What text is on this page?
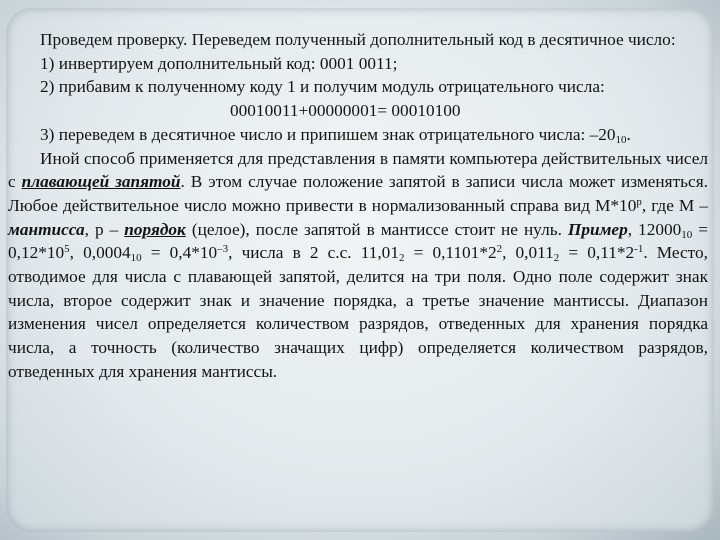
Проведем проверку. Переведем полученный дополнительный код в десятичное число:
1) инвертируем дополнительный код: 0001 0011;
2) прибавим к полученному коду 1 и получим модуль отрицательного числа:
00010011+00000001= 00010100
3) переведем в десятичное число и припишем знак отрицательного числа: $-20_{10}$.
Иной способ применяется для представления в памяти компьютера действительных чисел с плавающей запятой. В этом случае положение запятой в записи числа может изменяться. Любое действительное число можно привести в нормализованный справа вид M*10$^p$, где M – мантисса, p – порядок (целое), после запятой в мантиссе стоит не нуль. Пример, $12000_{10} = 0,12*10^5$, $0,0004_{10} = 0,4*10^{-3}$, числа в 2 с.с. $11,01_2 = 0,1101*2^2$, $0,011_2 = 0,11*2^{-1}$. Место, отводимое для числа с плавающей запятой, делится на три поля. Одно поле содержит знак числа, второе содержит знак и значение порядка, а третье значение мантиссы. Диапазон изменения чисел определяется количеством разрядов, отведенных для хранения порядка числа, а точность (количество значащих цифр) определяется количеством разрядов, отведенных для хранения мантиссы.
